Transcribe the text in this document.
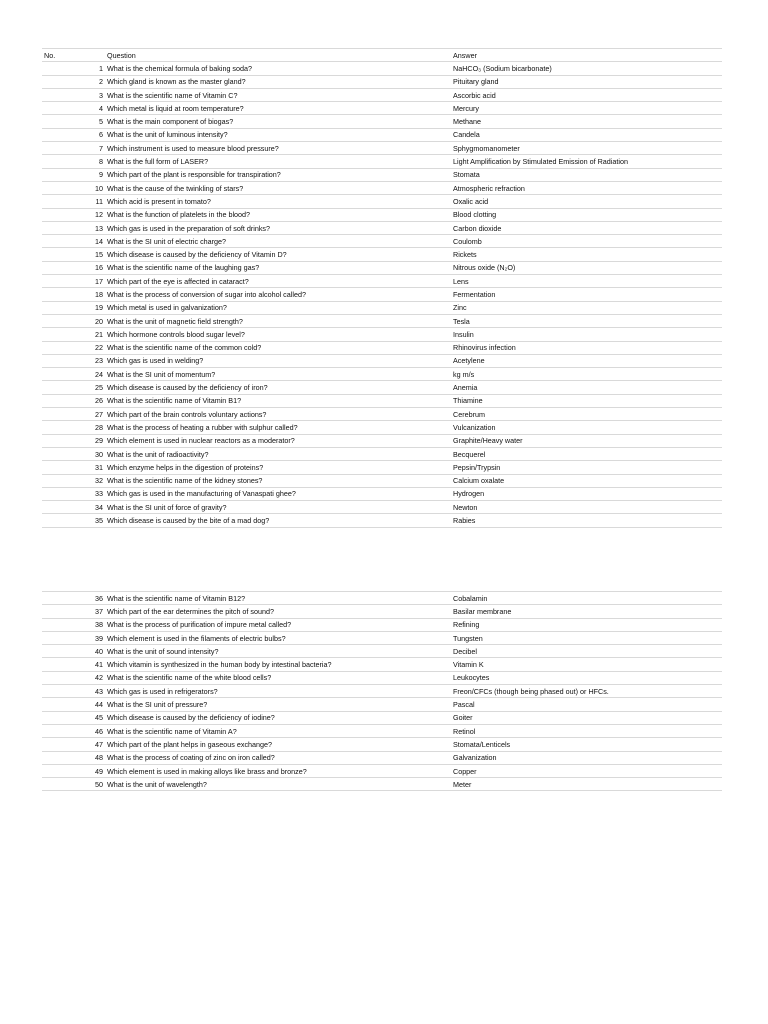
No.	Question	Answer
1	What is the chemical formula of baking soda?	NaHCO₃ (Sodium bicarbonate)
2	Which gland is known as the master gland?	Pituitary gland
3	What is the scientific name of Vitamin C?	Ascorbic acid
4	Which metal is liquid at room temperature?	Mercury
5	What is the main component of biogas?	Methane
6	What is the unit of luminous intensity?	Candela
7	Which instrument is used to measure blood pressure?	Sphygmomanometer
8	What is the full form of LASER?	Light Amplification by Stimulated Emission of Radiation
9	Which part of the plant is responsible for transpiration?	Stomata
10	What is the cause of the twinkling of stars?	Atmospheric refraction
11	Which acid is present in tomato?	Oxalic acid
12	What is the function of platelets in the blood?	Blood clotting
13	Which gas is used in the preparation of soft drinks?	Carbon dioxide
14	What is the SI unit of electric charge?	Coulomb
15	Which disease is caused by the deficiency of Vitamin D?	Rickets
16	What is the scientific name of the laughing gas?	Nitrous oxide (N₂O)
17	Which part of the eye is affected in cataract?	Lens
18	What is the process of conversion of sugar into alcohol called?	Fermentation
19	Which metal is used in galvanization?	Zinc
20	What is the unit of magnetic field strength?	Tesla
21	Which hormone controls blood sugar level?	Insulin
22	What is the scientific name of the common cold?	Rhinovirus infection
23	Which gas is used in welding?	Acetylene
24	What is the SI unit of momentum?	kg m/s
25	Which disease is caused by the deficiency of iron?	Anemia
26	What is the scientific name of Vitamin B1?	Thiamine
27	Which part of the brain controls voluntary actions?	Cerebrum
28	What is the process of heating a rubber with sulphur called?	Vulcanization
29	Which element is used in nuclear reactors as a moderator?	Graphite/Heavy water
30	What is the unit of radioactivity?	Becquerel
31	Which enzyme helps in the digestion of proteins?	Pepsin/Trypsin
32	What is the scientific name of the kidney stones?	Calcium oxalate
33	Which gas is used in the manufacturing of Vanaspati ghee?	Hydrogen
34	What is the SI unit of force of gravity?	Newton
35	Which disease is caused by the bite of a mad dog?	Rabies
36	What is the scientific name of Vitamin B12?	Cobalamin
37	Which part of the ear determines the pitch of sound?	Basilar membrane
38	What is the process of purification of impure metal called?	Refining
39	Which element is used in the filaments of electric bulbs?	Tungsten
40	What is the unit of sound intensity?	Decibel
41	Which vitamin is synthesized in the human body by intestinal bacteria?	Vitamin K
42	What is the scientific name of the white blood cells?	Leukocytes
43	Which gas is used in refrigerators?	Freon/CFCs (though being phased out) or HFCs.
44	What is the SI unit of pressure?	Pascal
45	Which disease is caused by the deficiency of iodine?	Goiter
46	What is the scientific name of Vitamin A?	Retinol
47	Which part of the plant helps in gaseous exchange?	Stomata/Lenticels
48	What is the process of coating of zinc on iron called?	Galvanization
49	Which element is used in making alloys like brass and bronze?	Copper
50	What is the unit of wavelength?	Meter
